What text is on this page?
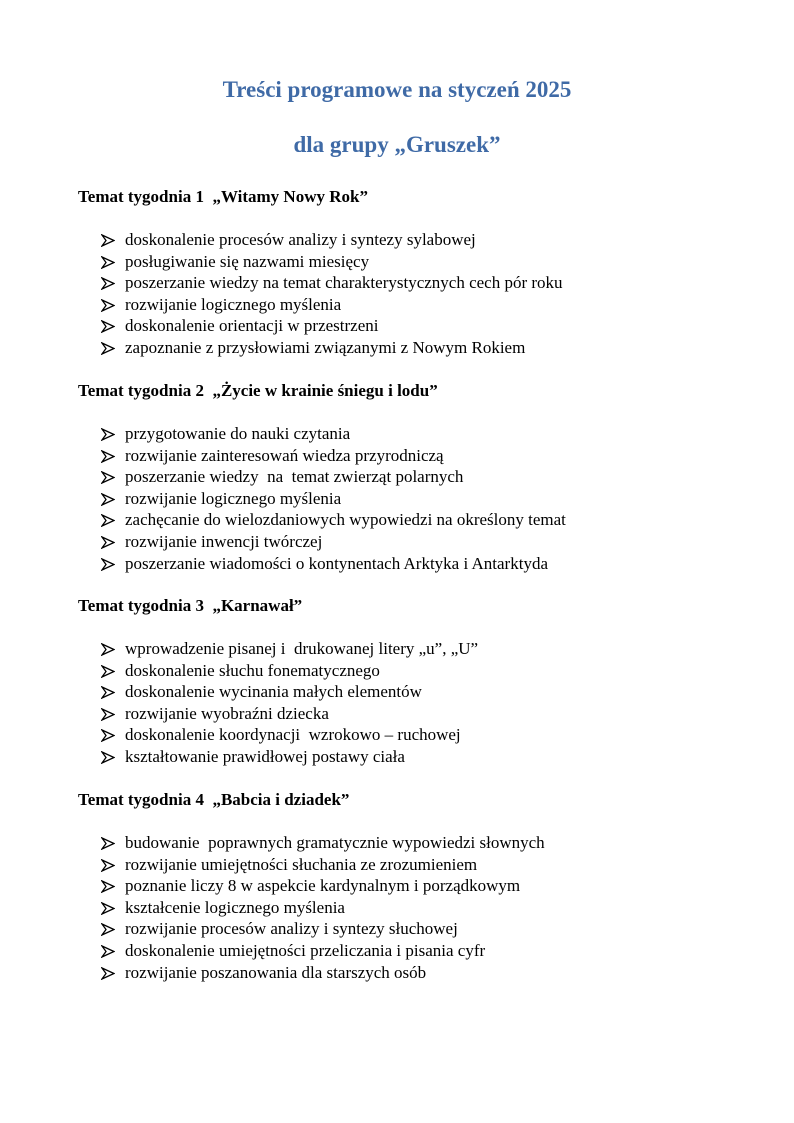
Treści programowe na styczeń 2025
dla grupy „Gruszek”
Temat tygodnia 1  „Witamy Nowy Rok”
doskonalenie procesów analizy i syntezy sylabowej
posługiwanie się nazwami miesięcy
poszerzanie wiedzy na temat charakterystycznych cech pór roku
rozwijanie logicznego myślenia
doskonalenie orientacji w przestrzeni
zapoznanie z przysłowiami związanymi z Nowym Rokiem
Temat tygodnia 2  „Życie w krainie śniegu i lodu”
przygotowanie do nauki czytania
rozwijanie zainteresowań wiedza przyrodniczą
poszerzanie wiedzy  na  temat zwierząt polarnych
rozwijanie logicznego myślenia
zachęcanie do wielozdaniowych wypowiedzi na określony temat
rozwijanie inwencji twórczej
poszerzanie wiadomości o kontynentach Arktyka i Antarktyda
Temat tygodnia 3  „Karnawał”
wprowadzenie pisanej i  drukowanej litery „u”, „U”
doskonalenie słuchu fonematycznego
doskonalenie wycinania małych elementów
rozwijanie wyobraźni dziecka
doskonalenie koordynacji  wzrokowo – ruchowej
kształtowanie prawidłowej postawy ciała
Temat tygodnia 4  „Babcia i dziadek”
budowanie  poprawnych gramatycznie wypowiedzi słownych
rozwijanie umiejętności słuchania ze zrozumieniem
poznanie liczy 8 w aspekcie kardynalnym i porządkowym
kształcenie logicznego myślenia
rozwijanie procesów analizy i syntezy słuchowej
doskonalenie umiejętności przeliczania i pisania cyfr
rozwijanie poszanowania dla starszych osób
